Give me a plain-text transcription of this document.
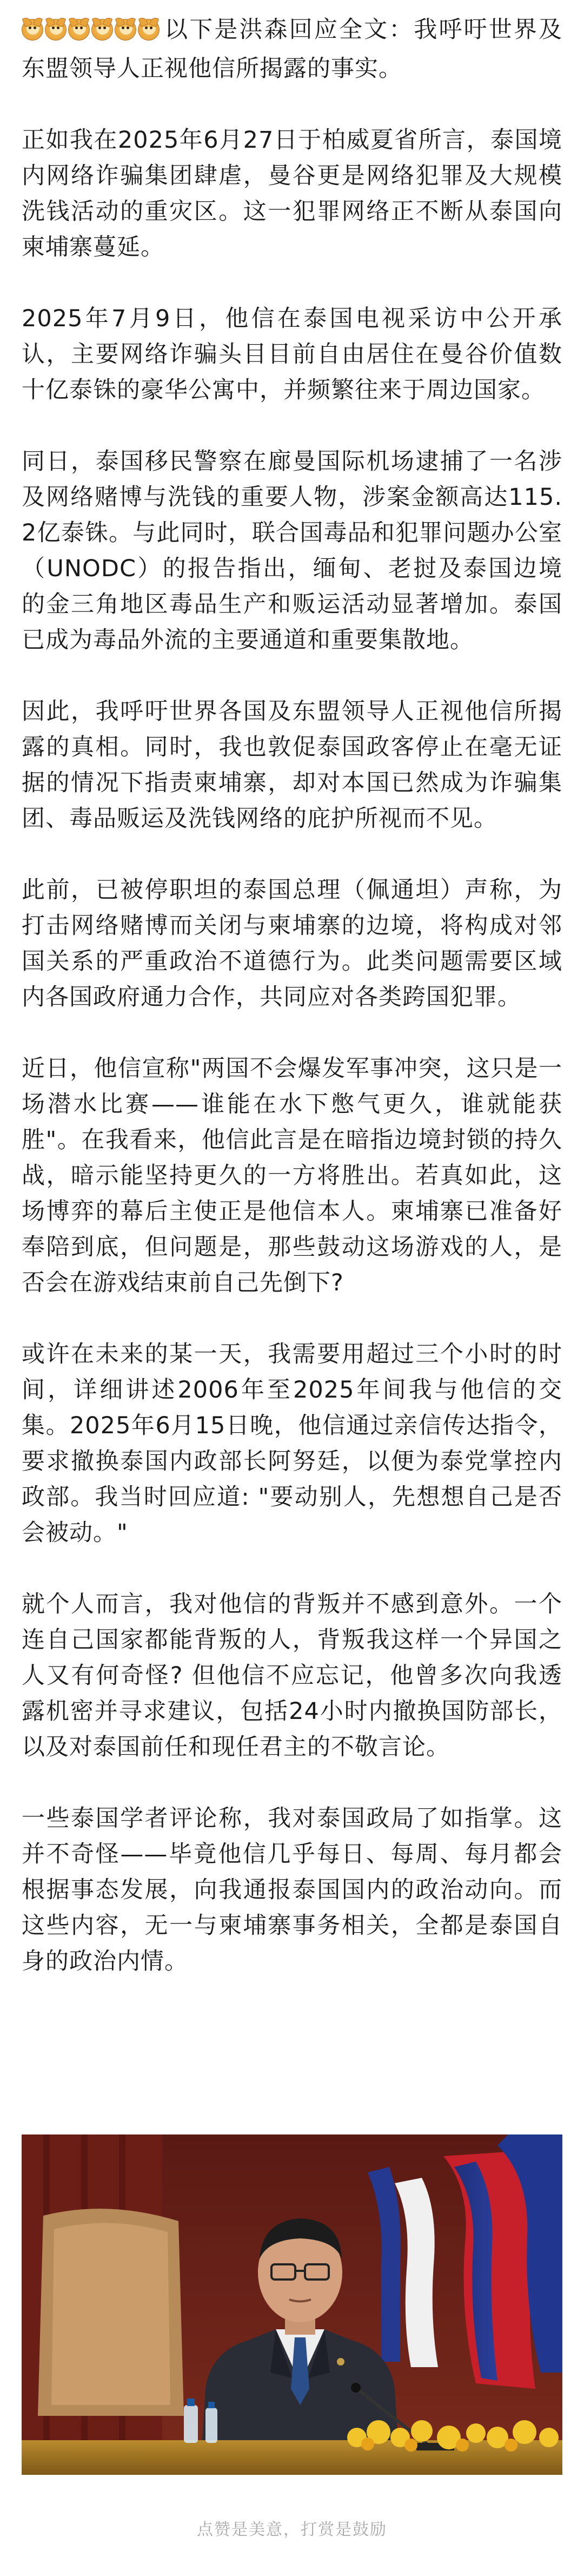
以下是洪森回应全文：我呼吁世界及东盟领导人正视他信所揭露的事实。

正如我在2025年6月27日于柏威夏省所言，泰国境内网络诈骗集团肆虐，曼谷更是网络犯罪及大规模洗钱活动的重灾区。这一犯罪网络正不断从泰国向柬埔寨蔓延。

2025年7月9日，他信在泰国电视采访中公开承认，主要网络诈骗头目目前自由居住在曼谷价值数十亿泰铢的豪华公寓中，并频繁往来于周边国家。

同日，泰国移民警察在廊曼国际机场逮捕了一名涉及网络赌博与洗钱的重要人物，涉案金额高达115.2亿泰铢。与此同时，联合国毒品和犯罪问题办公室（UNODC）的报告指出，缅甸、老挝及泰国边境的金三角地区毒品生产和贩运活动显著增加。泰国已成为毒品外流的主要通道和重要集散地。

因此，我呼吁世界各国及东盟领导人正视他信所揭露的真相。同时，我也敦促泰国政客停止在毫无证据的情况下指责柬埔寨，却对本国已然成为诈骗集团、毒品贩运及洗钱网络的庇护所视而不见。

此前，已被停职坦的泰国总理（佩通坦）声称，为打击网络赌博而关闭与柬埔寨的边境，将构成对邻国关系的严重政治不道德行为。此类问题需要区域内各国政府通力合作，共同应对各类跨国犯罪。

近日，他信宣称"两国不会爆发军事冲突，这只是一场潜水比赛——谁能在水下憋气更久，谁就能获胜"。在我看来，他信此言是在暗指边境封锁的持久战，暗示能坚持更久的一方将胜出。若真如此，这场博弈的幕后主使正是他信本人。柬埔寨已准备好奉陪到底，但问题是，那些鼓动这场游戏的人，是否会在游戏结束前自己先倒下?

或许在未来的某一天，我需要用超过三个小时的时间，详细讲述2006年至2025年间我与他信的交集。2025年6月15日晚，他信通过亲信传达指令，要求撤换泰国内政部长阿努廷，以便为泰党掌控内政部。我当时回应道: "要动别人，先想想自己是否会被动。"

就个人而言，我对他信的背叛并不感到意外。一个连自己国家都能背叛的人，背叛我这样一个异国之人又有何奇怪? 但他信不应忘记，他曾多次向我透露机密并寻求建议，包括24小时内撤换国防部长，以及对泰国前任和现任君主的不敬言论。

一些泰国学者评论称，我对泰国政局了如指掌。这并不奇怪——毕竟他信几乎每日、每周、每月都会根据事态发展，向我通报泰国国内的政治动向。而这些内容，无一与柬埔寨事务相关，全都是泰国自身的政治内情。

点赞是美意，打赏是鼓励
